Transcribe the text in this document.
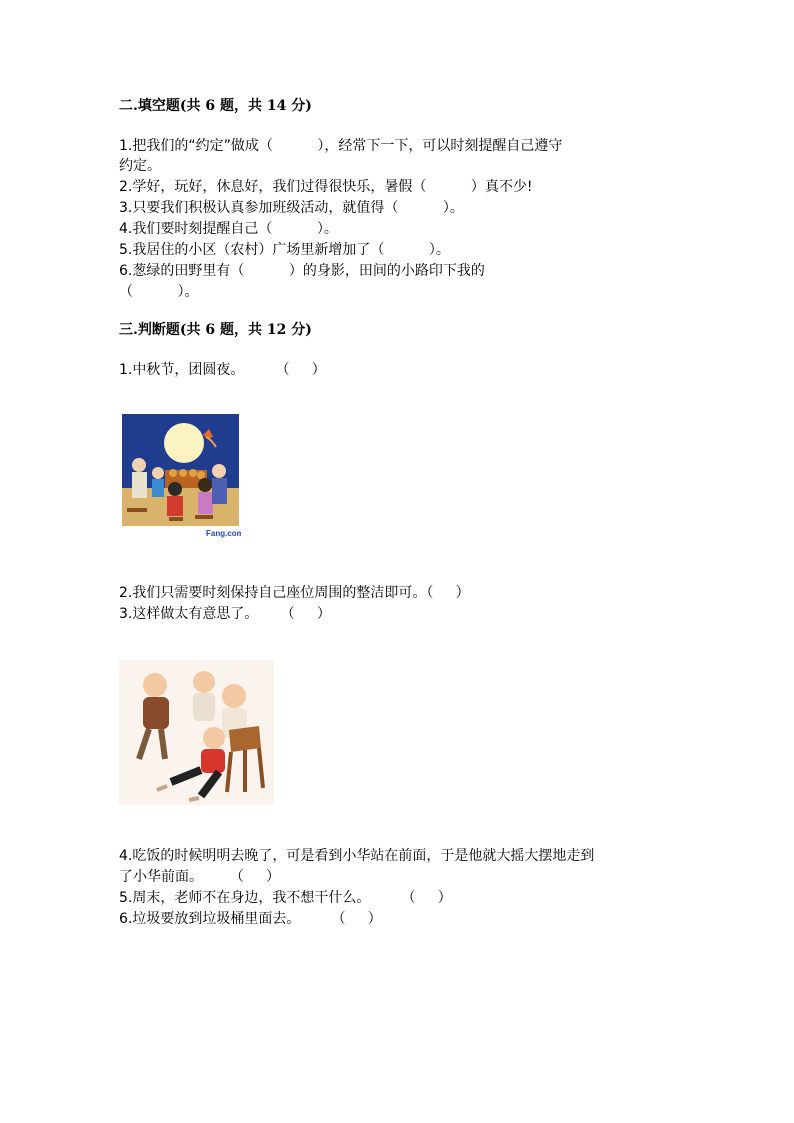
二.填空题(共 6 题，共 14 分)
1.把我们的“约定”做成（          ），经常下一下，可以时刻提醒自己遵守
约定。
2.学好，玩好，休息好，我们过得很快乐，暑假（          ）真不少!
3.只要我们积极认真参加班级活动，就值得（          ）。
4.我们要时刻提醒自己（          ）。
5.我居住的小区（农村）广场里新增加了（          ）。
6.葱绿的田野里有（          ）的身影，田间的小路印下我的
（          ）。
三.判断题(共 6 题，共 12 分)
1.中秋节，团圆夜。       （     ）
Fang.com
2.我们只需要时刻保持自己座位周围的整洁即可。（     ）
3.这样做太有意思了。     （     ）
4.吃饭的时候明明去晚了，可是看到小华站在前面，于是他就大摇大摆地走到
了小华前面。      （     ）
5.周末，老师不在身边，我不想干什么。       （     ）
6.垃圾要放到垃圾桶里面去。       （     ）
